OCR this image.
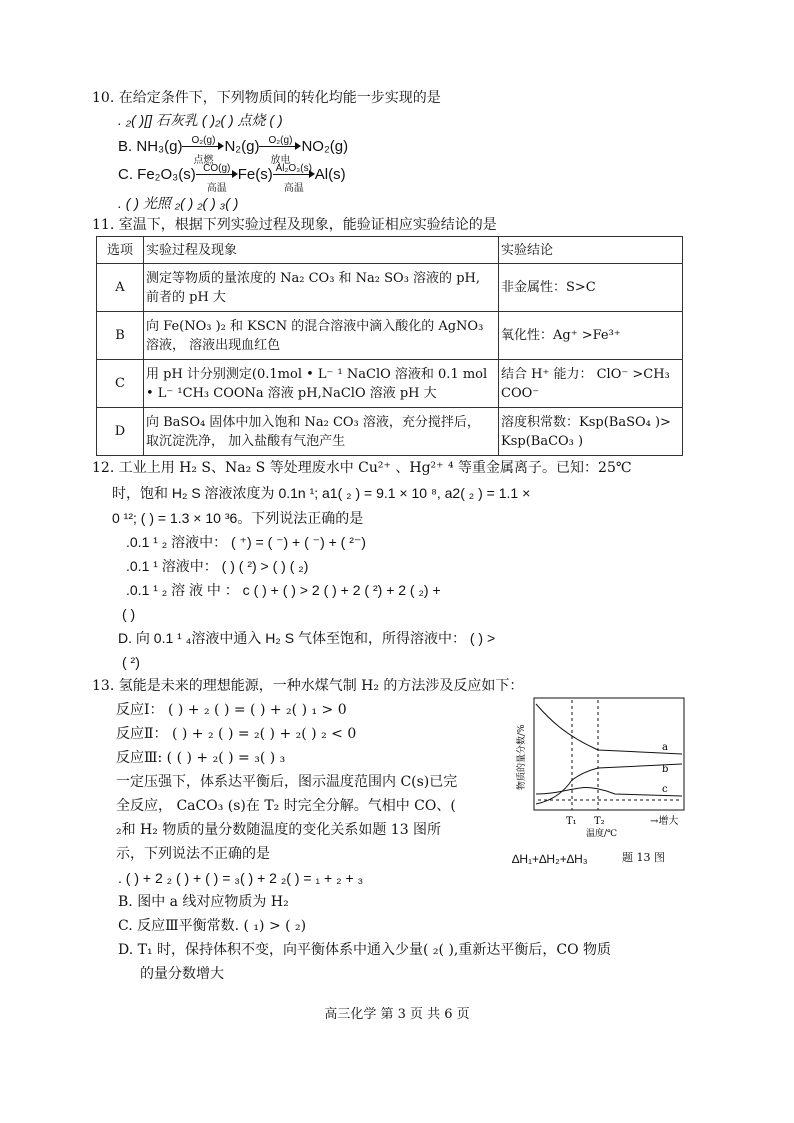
10. 在给定条件下，下列物质间的转化均能一步实现的是
. ₂( )[] 石灰乳 ( )₂( ) 点烧 ( )
B. NH₃(g) O₂(g)
点燃
N₂(g) O₂(g)
放电
NO₂(g)
C. Fe₂O₃(s) CO(g)
高温
Fe(s) Al₂O₃(s)
高温
Al(s)
. ( ) 光照 ₂( ) ₂( ) ₃( )
11. 室温下，根据下列实验过程及现象，能验证相应实验结论的是
选项	实验过程及现象	实验结论
A	测定等物质的量浓度的 Na₂ CO₃ 和 Na₂ SO₃ 溶液的 pH, 前者的 pH 大	非金属性：S>C
B	向 Fe(NO₃ )₂ 和 KSCN 的混合溶液中滴入酸化的 AgNO₃ 溶液， 溶液出现血红色	氧化性：Ag⁺ >Fe³⁺
C	用 pH 计分别测定(0.1mol • L⁻ ¹ NaClO 溶液和 0.1 mol • L⁻ ¹CH₃ COONa 溶液 pH,NaClO 溶液 pH 大	结合 H⁺ 能力： ClO⁻ >CH₃ COO⁻
D	向 BaSO₄ 固体中加入饱和 Na₂ CO₃ 溶液，充分搅拌后， 取沉淀洗净， 加入盐酸有气泡产生	溶度积常数：Ksp(BaSO₄ )> Ksp(BaCO₃ )
12. 工业上用 H₂ S、Na₂ S 等处理废水中 Cu²⁺ 、Hg²⁺ ⁴ 等重金属离子。已知：25℃
时，饱和 H₂ S 溶液浓度为 0.1n ¹; a1( ₂ ) = 9.1 × 10 ⁸, a2( ₂ ) = 1.1 ×
0 ¹²; ( ) = 1.3 × 10 ³6。下列说法正确的是
.0.1 ¹ ₂ 溶液中： ( ⁺) = ( ⁻) + ( ⁻) + ( ²⁻)
.0.1 ¹ 溶液中： ( ) ( ²) > ( ) ( ₂)
.0.1 ¹ ₂ 溶 液 中 ： c ( ) + ( ) > 2 ( ) + 2 ( ²) + 2 ( ₂) +
( )
D. 向 0.1 ¹ ₄溶液中通入 H₂ S 气体至饱和，所得溶液中： ( ) >
( ²)
13. 氢能是未来的理想能源，一种水煤气制 H₂ 的方法涉及反应如下：
反应Ⅰ： ( ) + ₂ ( ) = ( ) + ₂( ) ₁ > 0
反应Ⅱ： ( ) + ₂ ( ) = ₂( ) + ₂( ) ₂ < 0
反应Ⅲ: ( ( ) + ₂( ) = ₃( ) ₃
一定压强下，体系达平衡后，图示温度范围内 C(s)已完
全反应， CaCO₃ (s)在 T₂ 时完全分解。气相中 CO、(
₂和 H₂ 物质的量分数随温度的变化关系如题 13 图所
示，下列说法不正确的是	∆H₁+∆H₂+∆H₃
. ( ) + 2 ₂ ( ) + ( ) = ₃( ) + 2 ₂( ) = ₁ + ₂ + ₃
B. 图中 a 线对应物质为 H₂
C. 反应Ⅲ平衡常数. ( ₁) > ( ₂)
D. T₁ 时，保持体积不变，向平衡体系中通入少量( ₂( ),重新达平衡后，CO 物质
的量分数增大
物质的量分数/%	a
b
c
T₁ T₂	→增大
温度/℃
题 13 图
高三化学 第 3 页 共 6 页
